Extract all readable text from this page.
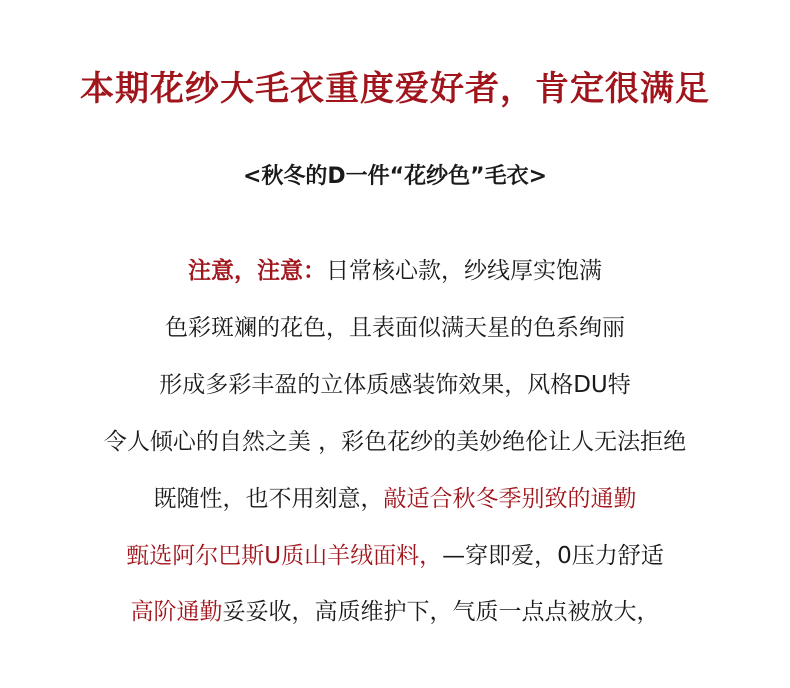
本期花纱大毛衣重度爱好者，肯定很满足
<秋冬的D一件“花纱色”毛衣>
注意，注意：日常核心款，纱线厚实饱满
色彩斑斓的花色，且表面似满天星的色系绚丽
形成多彩丰盈的立体质感装饰效果，风格DU特
令人倾心的自然之美 ，彩色花纱的美妙绝伦让人无法拒绝
既随性，也不用刻意，敲适合秋冬季别致的通勤
甄选阿尔巴斯U质山羊绒面料，—穿即爱，0压力舒适
高阶通勤妥妥收，高质维护下，气质一点点被放大，
